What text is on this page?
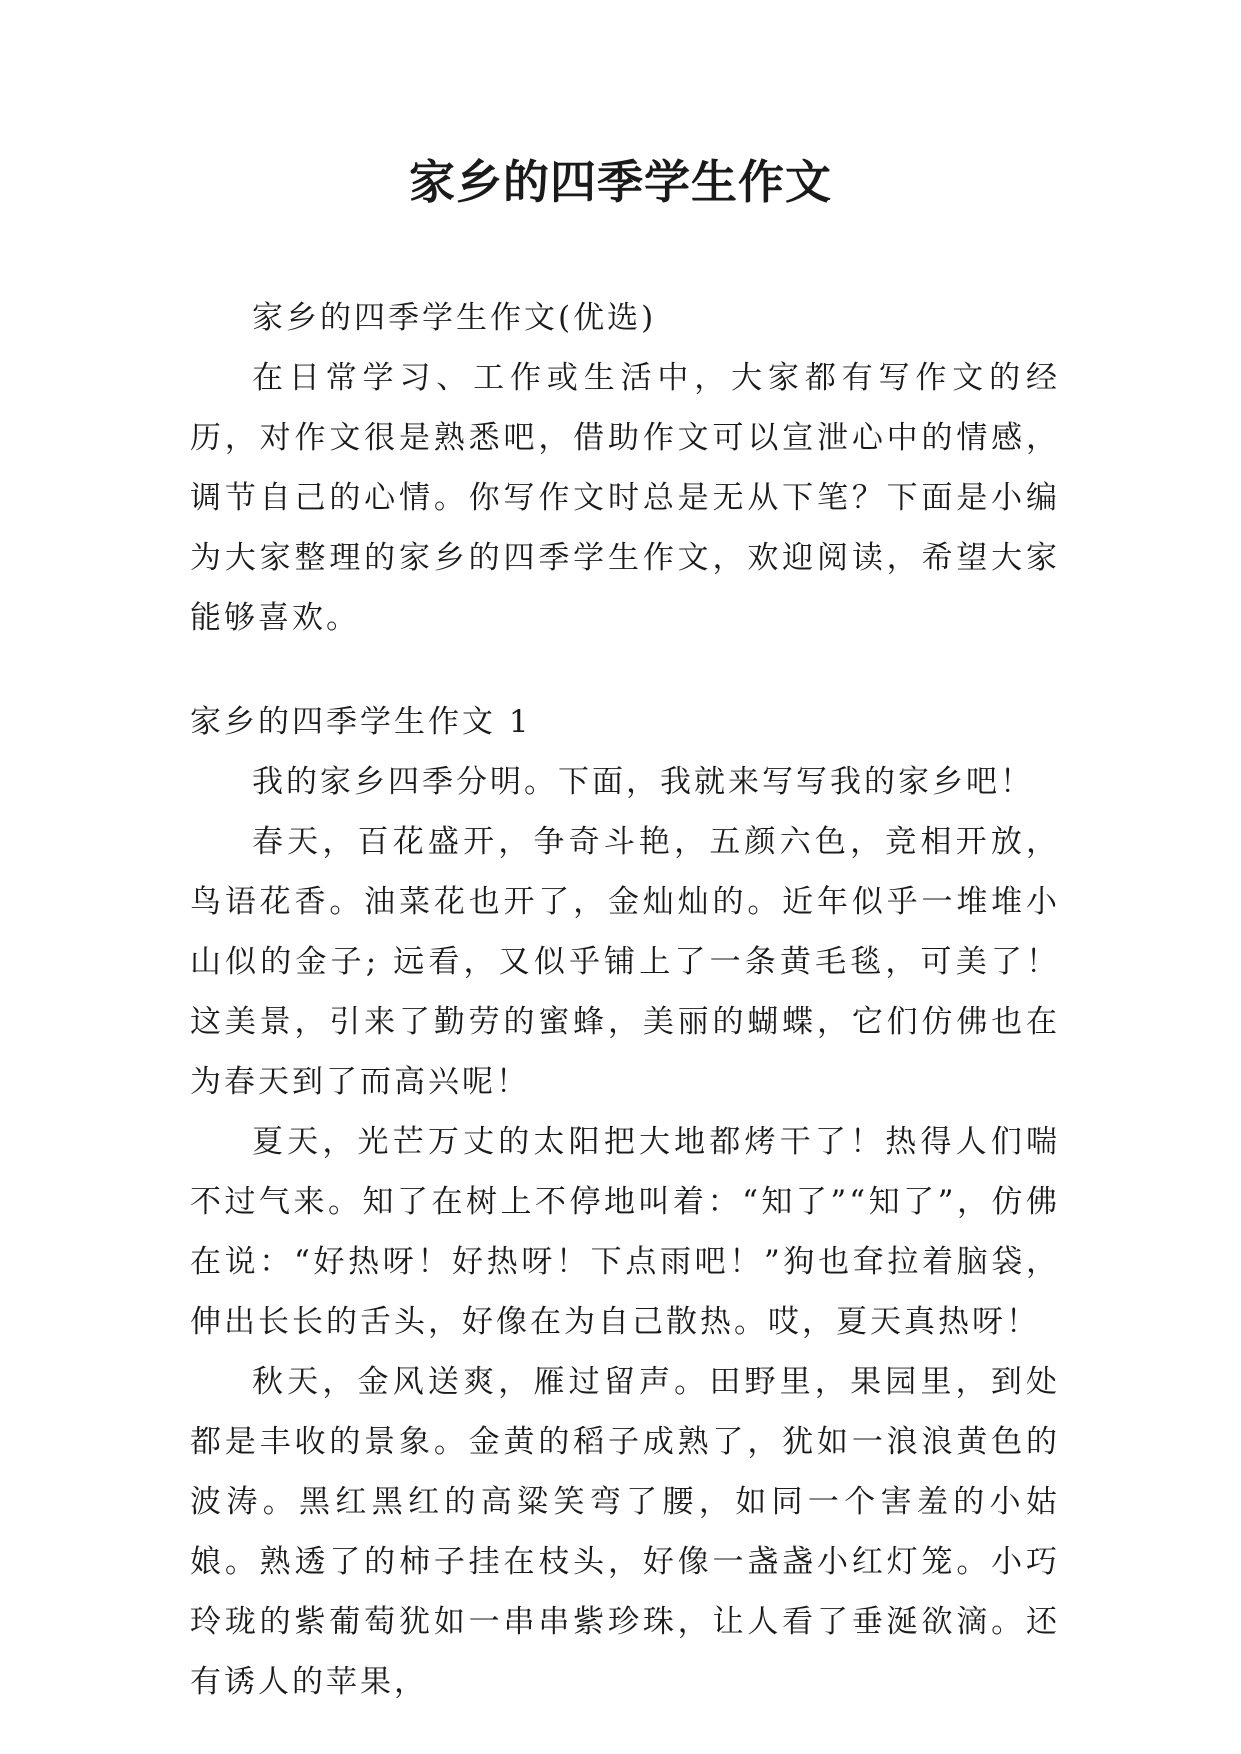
家乡的四季学生作文

家乡的四季学生作文(优选)

在日常学习、工作或生活中，大家都有写作文的经历，对作文很是熟悉吧，借助作文可以宣泄心中的情感，调节自己的心情。你写作文时总是无从下笔？下面是小编为大家整理的家乡的四季学生作文，欢迎阅读，希望大家能够喜欢。

家乡的四季学生作文 1

我的家乡四季分明。下面，我就来写写我的家乡吧！

春天，百花盛开，争奇斗艳，五颜六色，竞相开放，鸟语花香。油菜花也开了，金灿灿的。近年似乎一堆堆小山似的金子; 远看，又似乎铺上了一条黄毛毯，可美了！这美景，引来了勤劳的蜜蜂，美丽的蝴蝶，它们仿佛也在为春天到了而高兴呢！

夏天，光芒万丈的太阳把大地都烤干了！热得人们喘不过气来。知了在树上不停地叫着：“知了”“知了”，仿佛在说：“好热呀！好热呀！下点雨吧！”狗也耷拉着脑袋，伸出长长的舌头，好像在为自己散热。哎，夏天真热呀！

秋天，金风送爽，雁过留声。田野里，果园里，到处都是丰收的景象。金黄的稻子成熟了，犹如一浪浪黄色的波涛。黑红黑红的高粱笑弯了腰，如同一个害羞的小姑娘。熟透了的柿子挂在枝头，好像一盏盏小红灯笼。小巧玲珑的紫葡萄犹如一串串紫珍珠，让人看了垂涎欲滴。还有诱人的苹果，
